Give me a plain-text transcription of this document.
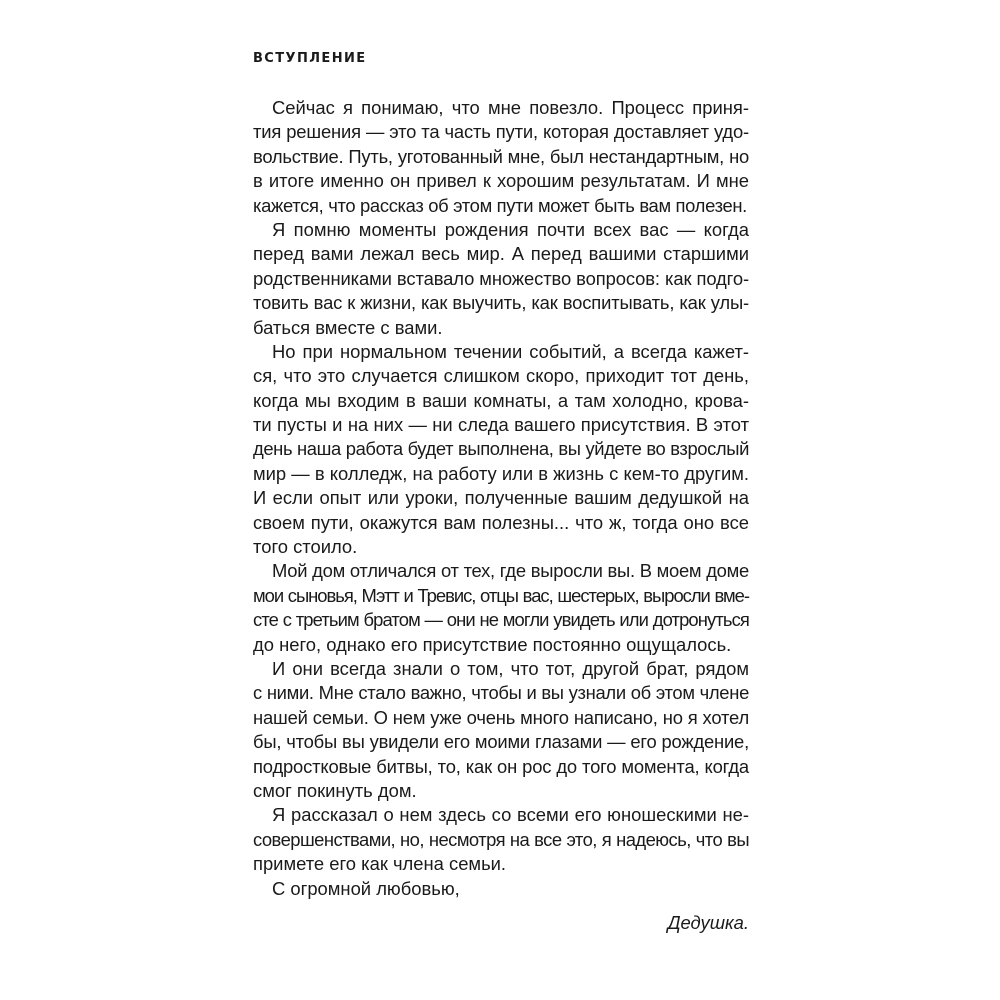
ВСТУПЛЕНИЕ
Сейчас я понимаю, что мне повезло. Процесс приня-
тия решения — это та часть пути, которая доставляет удо-
вольствие. Путь, уготованный мне, был нестандартным, но
в итоге именно он привел к хорошим результатам. И мне
кажется, что рассказ об этом пути может быть вам полезен.
Я помню моменты рождения почти всех вас — когда
перед вами лежал весь мир. А перед вашими старшими
родственниками вставало множество вопросов: как подго-
товить вас к жизни, как выучить, как воспитывать, как улы-
баться вместе с вами.
Но при нормальном течении событий, а всегда кажет-
ся, что это случается слишком скоро, приходит тот день,
когда мы входим в ваши комнаты, а там холодно, крова-
ти пусты и на них — ни следа вашего присутствия. В этот
день наша работа будет выполнена, вы уйдете во взрослый
мир — в колледж, на работу или в жизнь с кем-то другим.
И если опыт или уроки, полученные вашим дедушкой на
своем пути, окажутся вам полезны... что ж, тогда оно все
того стоило.
Мой дом отличался от тех, где выросли вы. В моем доме
мои сыновья, Мэтт и Тревис, отцы вас, шестерых, выросли вме-
сте с третьим братом — они не могли увидеть или дотронуться
до него, однако его присутствие постоянно ощущалось.
И они всегда знали о том, что тот, другой брат, рядом
с ними. Мне стало важно, чтобы и вы узнали об этом члене
нашей семьи. О нем уже очень много написано, но я хотел
бы, чтобы вы увидели его моими глазами — его рождение,
подростковые битвы, то, как он рос до того момента, когда
смог покинуть дом.
Я рассказал о нем здесь со всеми его юношескими не-
совершенствами, но, несмотря на все это, я надеюсь, что вы
примете его как члена семьи.
С огромной любовью,
Дедушка.
